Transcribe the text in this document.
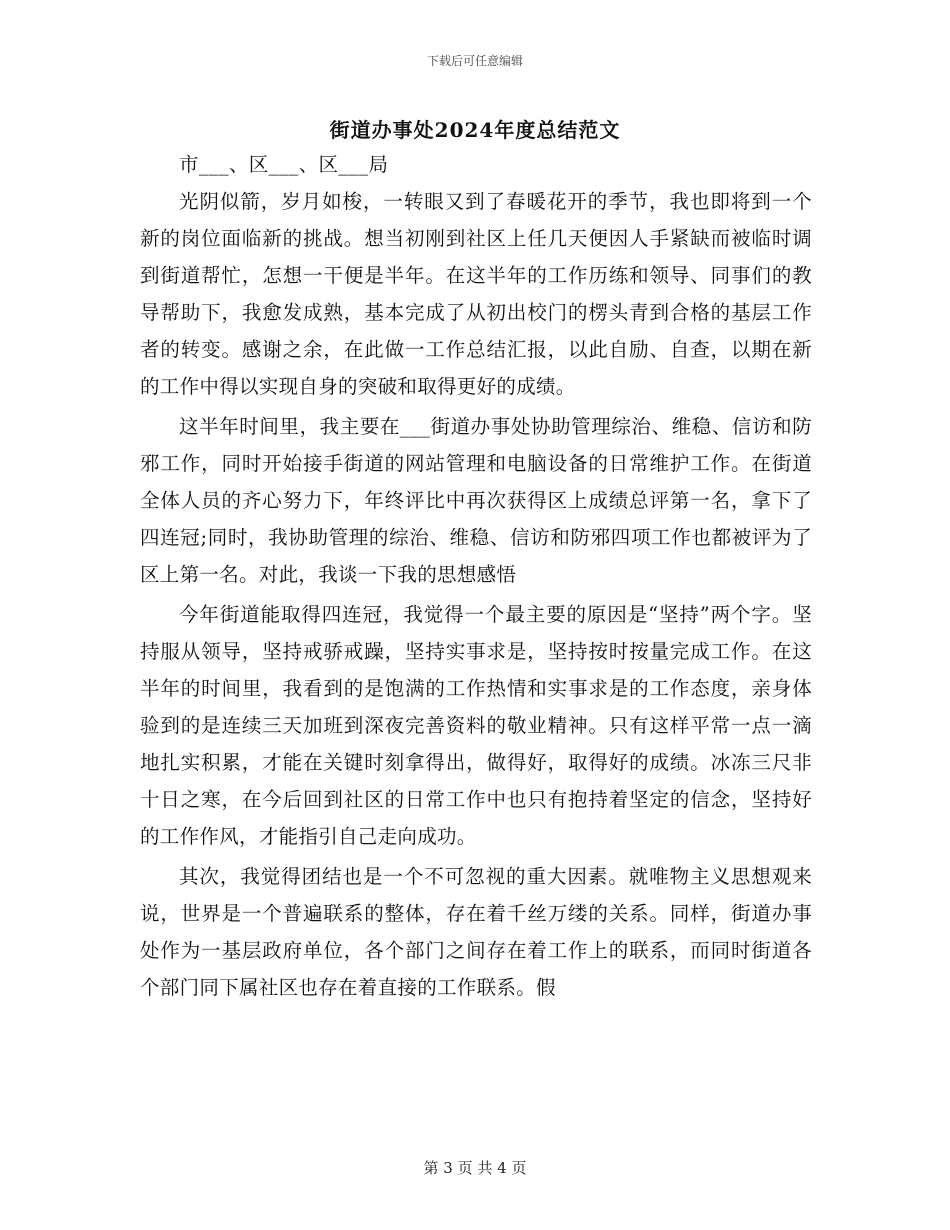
下载后可任意编辑
街道办事处2024年度总结范文

市___、区___、区___局

光阴似箭，岁月如梭，一转眼又到了春暖花开的季节，我也即将到一个新的岗位面临新的挑战。想当初刚到社区上任几天便因人手紧缺而被临时调到街道帮忙，怎想一干便是半年。在这半年的工作历练和领导、同事们的教导帮助下，我愈发成熟，基本完成了从初出校门的楞头青到合格的基层工作者的转变。感谢之余，在此做一工作总结汇报，以此自励、自查，以期在新的工作中得以实现自身的突破和取得更好的成绩。

这半年时间里，我主要在___街道办事处协助管理综治、维稳、信访和防邪工作，同时开始接手街道的网站管理和电脑设备的日常维护工作。在街道全体人员的齐心努力下，年终评比中再次获得区上成绩总评第一名，拿下了四连冠;同时，我协助管理的综治、维稳、信访和防邪四项工作也都被评为了区上第一名。对此，我谈一下我的思想感悟

今年街道能取得四连冠，我觉得一个最主要的原因是“坚持”两个字。坚持服从领导，坚持戒骄戒躁，坚持实事求是，坚持按时按量完成工作。在这半年的时间里，我看到的是饱满的工作热情和实事求是的工作态度，亲身体验到的是连续三天加班到深夜完善资料的敬业精神。只有这样平常一点一滴地扎实积累，才能在关键时刻拿得出，做得好，取得好的成绩。冰冻三尺非十日之寒，在今后回到社区的日常工作中也只有抱持着坚定的信念，坚持好的工作作风，才能指引自己走向成功。

其次，我觉得团结也是一个不可忽视的重大因素。就唯物主义思想观来说，世界是一个普遍联系的整体，存在着千丝万缕的关系。同样，街道办事处作为一基层政府单位，各个部门之间存在着工作上的联系，而同时街道各个部门同下属社区也存在着直接的工作联系。假

第 3 页 共 4 页
